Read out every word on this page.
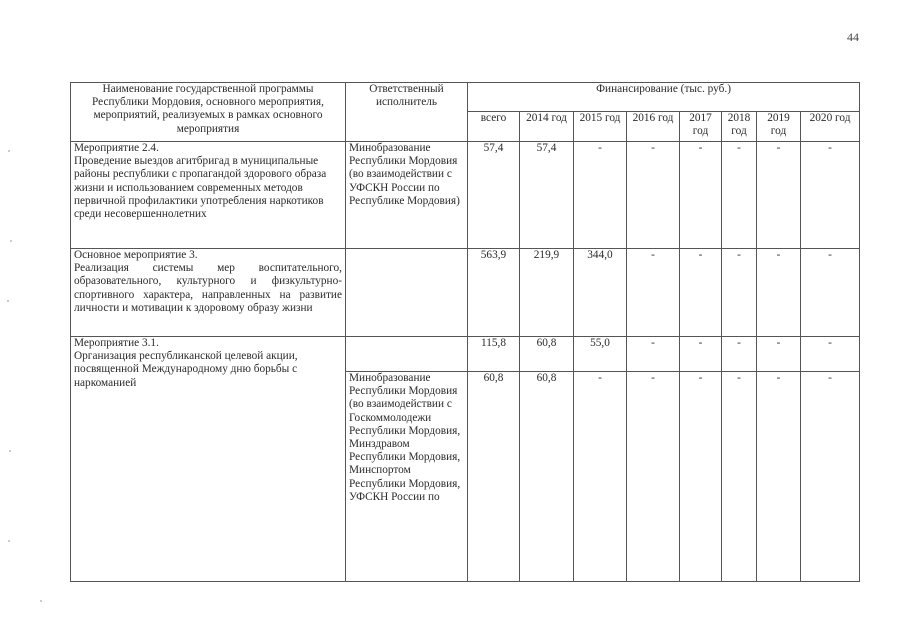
44
Наименование государственной программы Республики Мордовия, основного мероприятия, мероприятий, реализуемых в рамках основного мероприятия	Ответственный исполнитель	Финансирование (тыс. руб.)							
		всего	2014 год	2015 год	2016 год	2017 год	2018 год	2019 год	2020 год

Мероприятие 2.4.
Проведение выездов агитбригад в муниципальные районы республики с пропагандой здорового образа жизни и использованием современных методов первичной профилактики употребления наркотиков среди несовершеннолетних	Минобразование Республики Мордовия (во взаимодействии с УФСКН России по Республике Мордовия)	57,4	57,4	-	-	-	-	-	-

Основное мероприятие 3.
Реализация системы мер воспитательного, образовательного, культурного и физкультурно-спортивного характера, направленных на развитие личности и мотивации к здоровому образу жизни		563,9	219,9	344,0	-	-	-	-	-

Мероприятие 3.1.
Организация республиканской целевой акции, посвященной Международному дню борьбы с наркоманией		115,8	60,8	55,0	-	-	-	-	-
	Минобразование Республики Мордовия (во взаимодействии с Госкоммолодежи Республики Мордовия, Минздравом Республики Мордовия, Минспортом Республики Мордовия, УФСКН России по	60,8	60,8	-	-	-	-	-	-
